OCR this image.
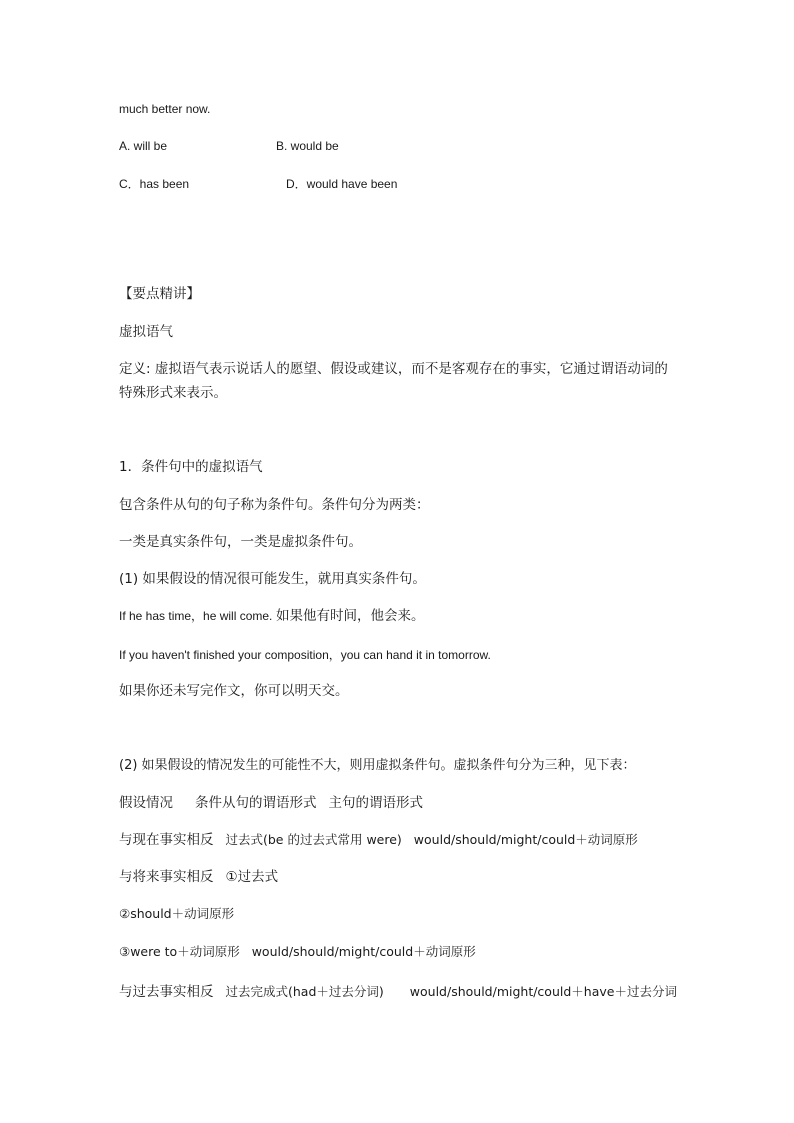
much better now.
A. will be	B. would be
C．has been	D．would have been
【要点精讲】
虚拟语气
定义: 虚拟语气表示说话人的愿望、假设或建议，而不是客观存在的事实，它通过谓语动词的特殊形式来表示。
1．条件句中的虚拟语气
包含条件从句的句子称为条件句。条件句分为两类：
一类是真实条件句，一类是虚拟条件句。
(1) 如果假设的情况很可能发生，就用真实条件句。
If he has time，he will come. 如果他有时间，他会来。
If you haven't finished your composition，you can hand it in tomorrow.
如果你还未写完作文，你可以明天交。
(2) 如果假设的情况发生的可能性不大，则用虚拟条件句。虚拟条件句分为三种，见下表：
假设情况 条件从句的谓语形式 主句的谓语形式
与现在事实相反 过去式(be 的过去式常用 were) would/should/might/could＋动词原形
与将来事实相反 ①过去式
②should＋动词原形
③were to＋动词原形 would/should/might/could＋动词原形
与过去事实相反 过去完成式(had＋过去分词) would/should/might/could＋have＋过去分词
